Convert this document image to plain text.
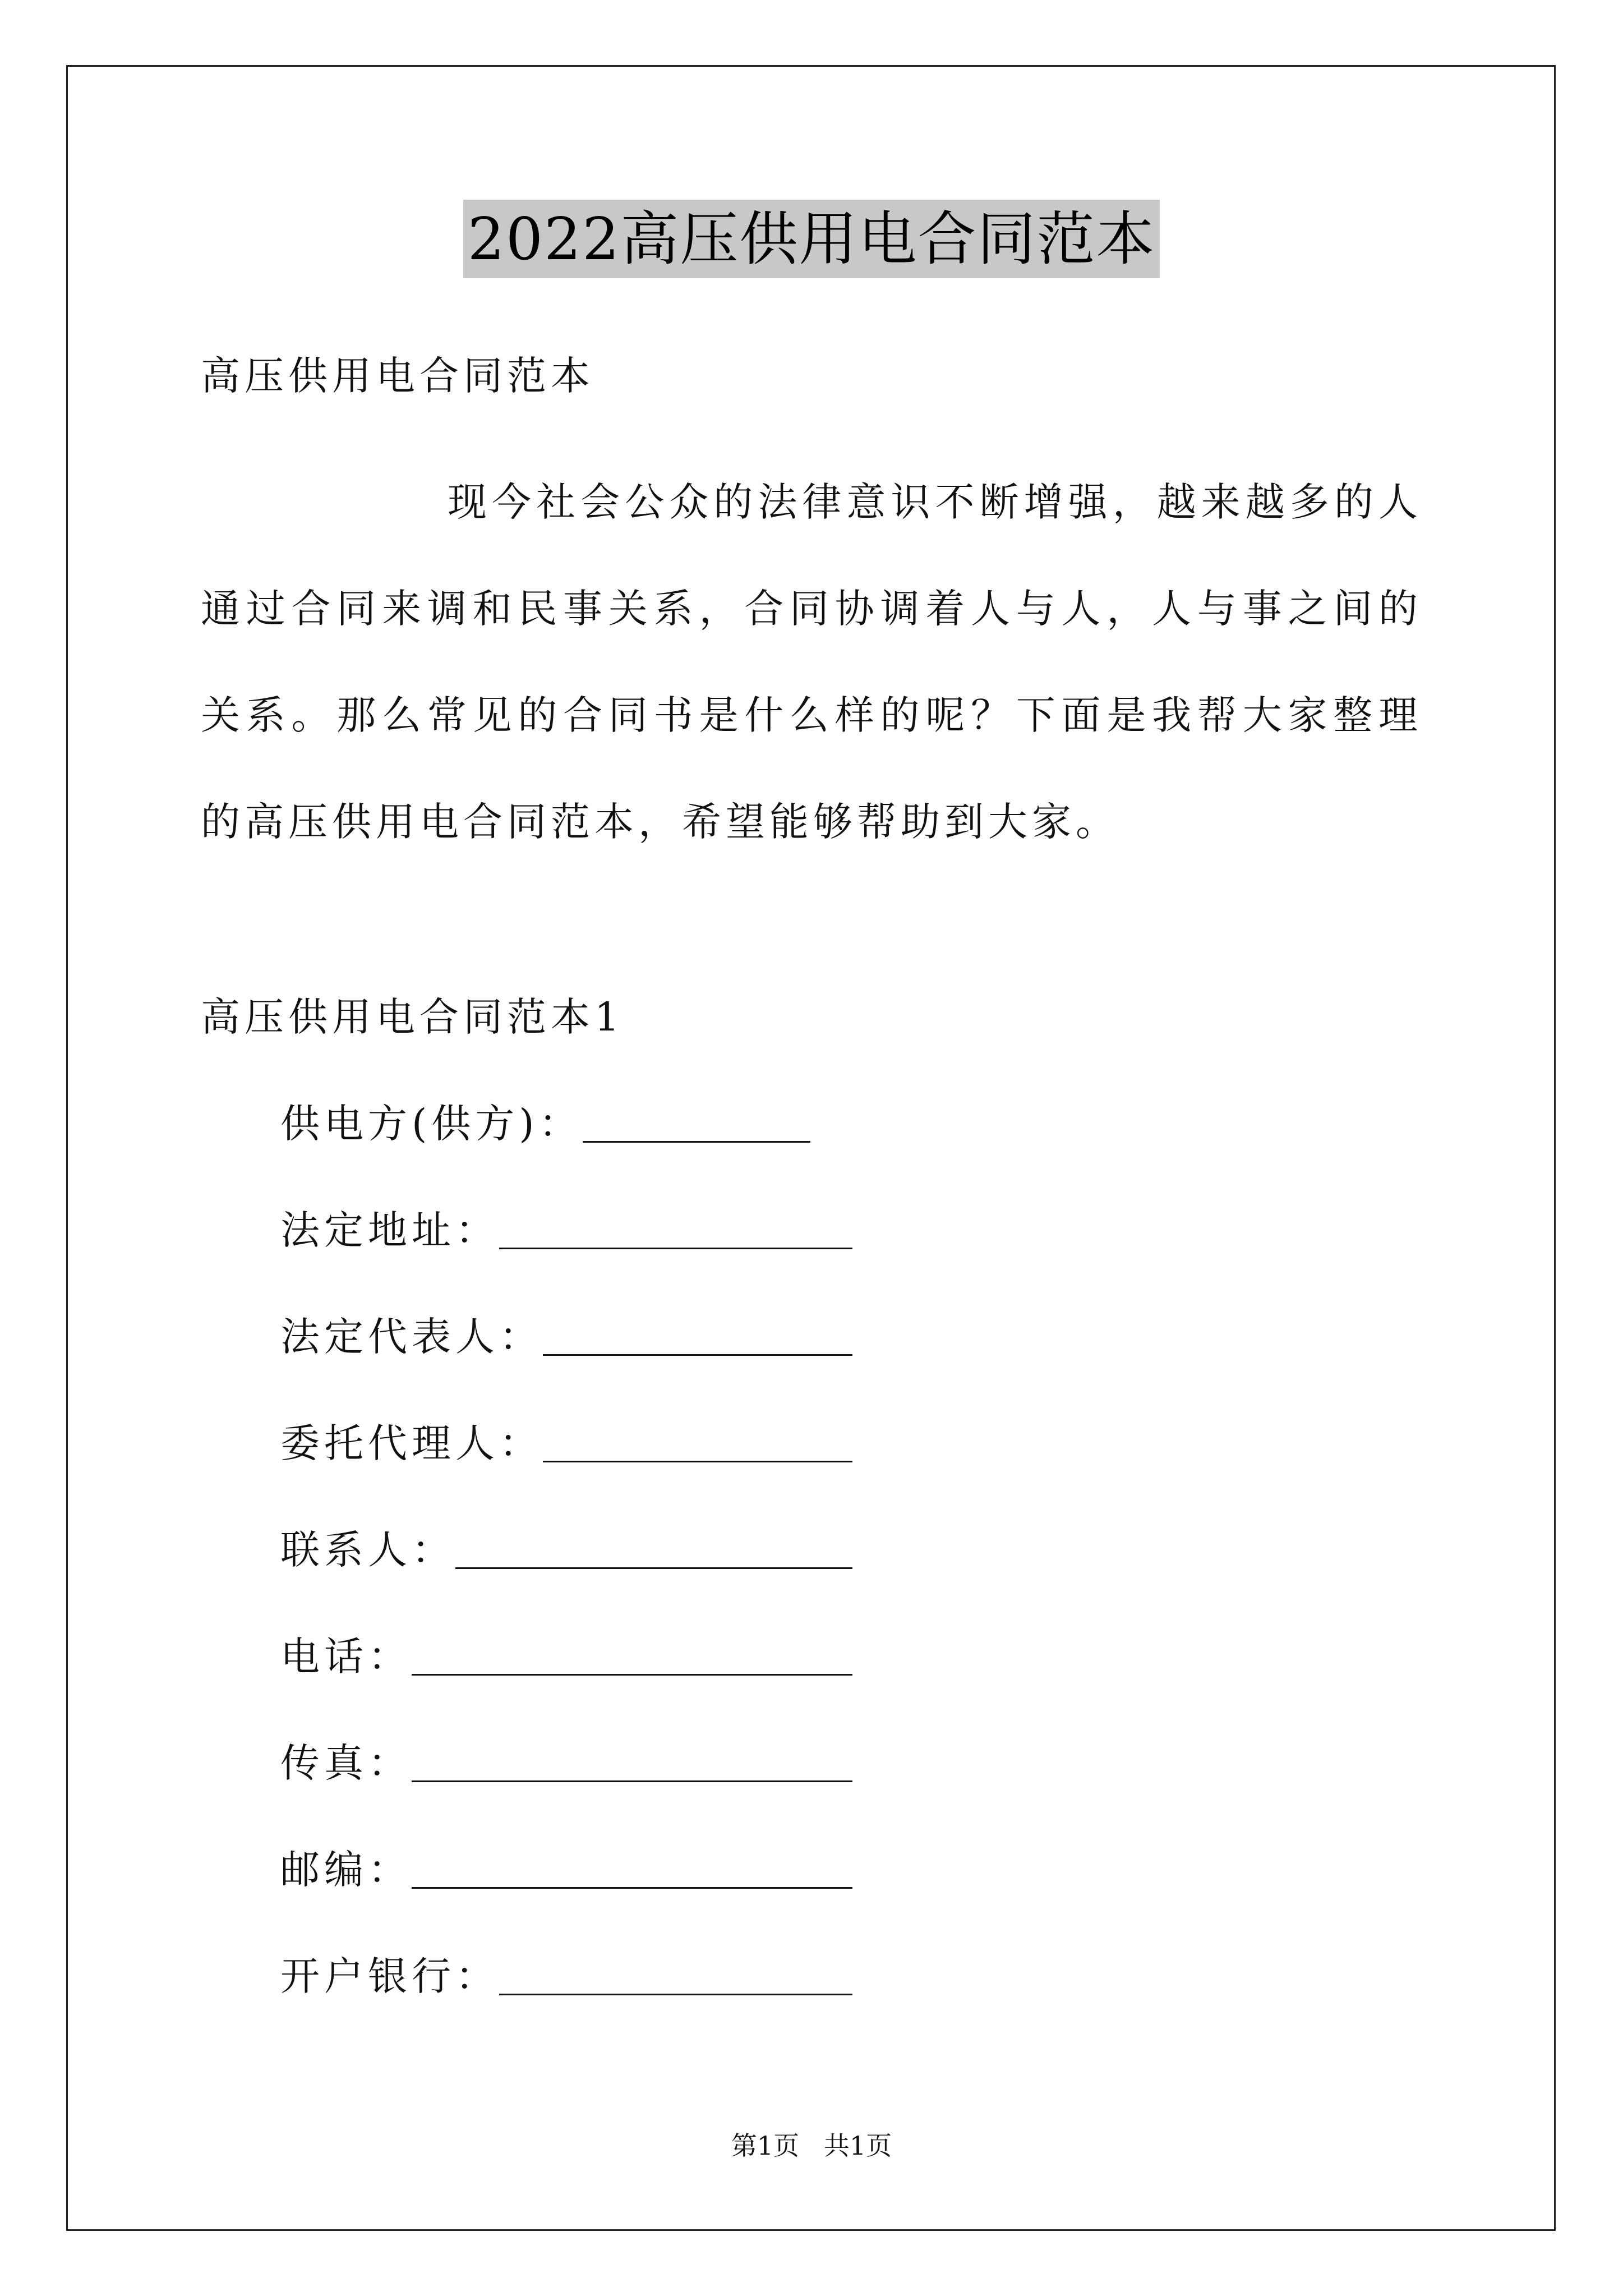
2022高压供用电合同范本
高压供用电合同范本

现今社会公众的法律意识不断增强，越来越多的人通过合同来调和民事关系，合同协调着人与人，人与事之间的关系。那么常见的合同书是什么样的呢？下面是我帮大家整理的高压供用电合同范本，希望能够帮助到大家。

高压供用电合同范本1
供电方(供方)：
法定地址：
法定代表人：
委托代理人：
联系人：
电话：
传真：
邮编：
开户银行：
第1页   共1页
